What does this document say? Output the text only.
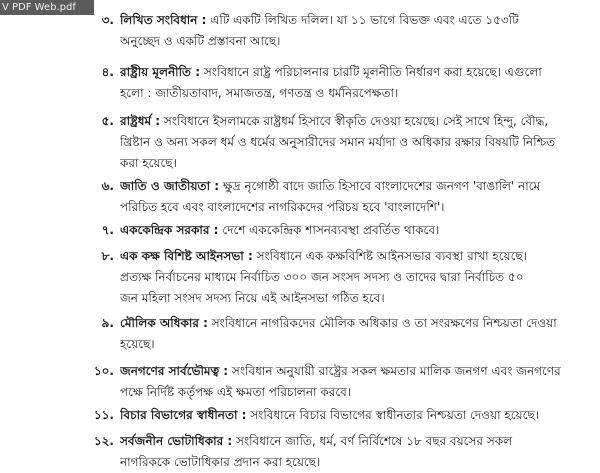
৩. লিখিত সংবিধান : এটি একটি লিখিত দলিল। যা ১১ ভাগে বিভক্ত এবং এতে ১৫৩টি
অনুচ্ছেদ ও একটি প্রস্তাবনা আছে।
৪. রাষ্ট্রীয় মূলনীতি : সংবিধানে রাষ্ট্র পরিচালনার চারটি মূলনীতি নির্ধারণ করা হয়েছে। এগুলো
হলো : জাতীয়তাবাদ, সমাজতন্ত্র, গণতন্ত্র ও ধর্মনিরপেক্ষতা।
৫. রাষ্ট্রধর্ম : সংবিধানে ইসলামকে রাষ্ট্রধর্ম হিসাবে স্বীকৃতি দেওয়া হয়েছে। সেই সাথে হিন্দু, বৌদ্ধ,
খ্রিষ্টান ও অন্য সকল ধর্ম ও ধর্মের অনুসারীদের সমান মর্যাদা ও অধিকার রক্ষার বিষয়টি নিশ্চিত
করা হয়েছে।
৬. জাতি ও জাতীয়তা : ক্ষুদ্র নৃগোষ্ঠী বাদে জাতি হিসাবে বাংলাদেশের জনগণ 'বাঙালি' নামে
পরিচিত হবে এবং বাংলাদেশের নাগরিকদের পরিচয় হবে 'বাংলাদেশি'।
৭. এককেন্দ্রিক সরকার : দেশে এককেন্দ্রিক শাসনব্যবস্থা প্রবর্তিত থাকবে।
৮. এক কক্ষ বিশিষ্ট আইনসভা : সংবিধানে এক কক্ষবিশিষ্ট আইনসভার ব্যবস্থা রাখা হয়েছে।
প্রত্যক্ষ নির্বাচনের মাধ্যমে নির্বাচিত ৩০০ জন সংসদ সদস্য ও তাদের দ্বারা নির্বাচিত ৫০
জন মহিলা সংসদ সদস্য নিয়ে এই আইনসভা গঠিত হবে।
৯. মৌলিক অধিকার : সংবিধানে নাগরিকদের মৌলিক অধিকার ও তা সংরক্ষণের নিশ্চয়তা দেওয়া
হয়েছে।
১০. জনগণের সার্বভৌমত্ব : সংবিধান অনুযায়ী রাষ্ট্রের সকল ক্ষমতার মালিক জনগণ এবং জনগণের
পক্ষে নির্দিষ্ট কর্তৃপক্ষ এই ক্ষমতা পরিচালনা করবে।
১১. বিচার বিভাগের স্বাধীনতা : সংবিধানে বিচার বিভাগের স্বাধীনতার নিশ্চয়তা দেওয়া হয়েছে।
১২. সর্বজনীন ভোটাধিকার : সংবিধানে জাতি, ধর্ম, বর্ণ নির্বিশেষে ১৮ বছর বয়সের সকল
নাগরিককে ভোটাধিকার প্রদান করা হয়েছে।
V PDF Web.pdf
